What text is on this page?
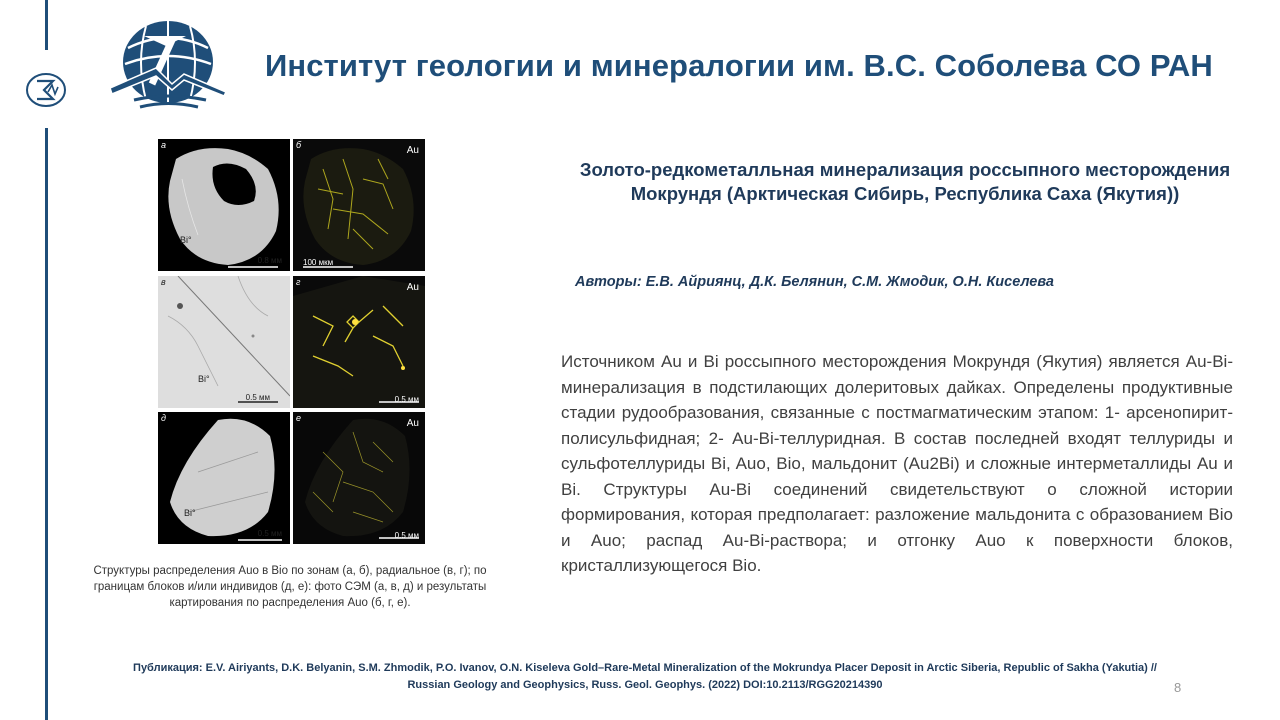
Институт геологии и минералогии им. В.С. Соболева СО РАН
а
Bi°
0.8 мм
б	Au
100 мкм
в
Bi°
0.5 мм
г	Au
0.5 мм
д
Bi°
0.5 мм
е	Au
0.5 мм
Структуры распределения Auo в Bio по зонам (а, б), радиальное (в, г); по границам блоков и/или индивидов (д, е): фото СЭМ (а, в, д) и результаты картирования по распределения Auo (б, г, е).
Золото-редкометалльная минерализация россыпного месторождения Мокрундя (Арктическая Сибирь, Республика Саха (Якутия))
Авторы: Е.В. Айриянц, Д.К. Белянин, С.М. Жмодик, О.Н. Киселева
Источником Au и Bi россыпного месторождения Мокрундя (Якутия) является Au-Bi-минерализация в подстилающих долеритовых дайках. Определены продуктивные стадии рудообразования, связанные с постмагматическим этапом: 1- арсенопирит-полисульфидная; 2- Au-Bi-теллуридная. В состав последней входят теллуриды и сульфотеллуриды Bi, Auo, Bio, мальдонит (Au2Bi) и сложные интерметаллиды Au и Bi. Структуры Au-Bi соединений свидетельствуют о сложной истории формирования, которая предполагает: разложение мальдонита с образованием Bio и Auo; распад Au-Bi-раствора; и отгонку Auo к поверхности блоков, кристаллизующегося Bio.
Публикация: E.V. Airiyants, D.K. Belyanin, S.M. Zhmodik, P.O. Ivanov, O.N. Kiseleva Gold–Rare-Metal Mineralization of the Mokrundya Placer Deposit in Arctic Siberia, Republic of Sakha (Yakutia) //
Russian Geology and Geophysics, Russ. Geol. Geophys. (2022) DOI:10.2113/RGG20214390	8
